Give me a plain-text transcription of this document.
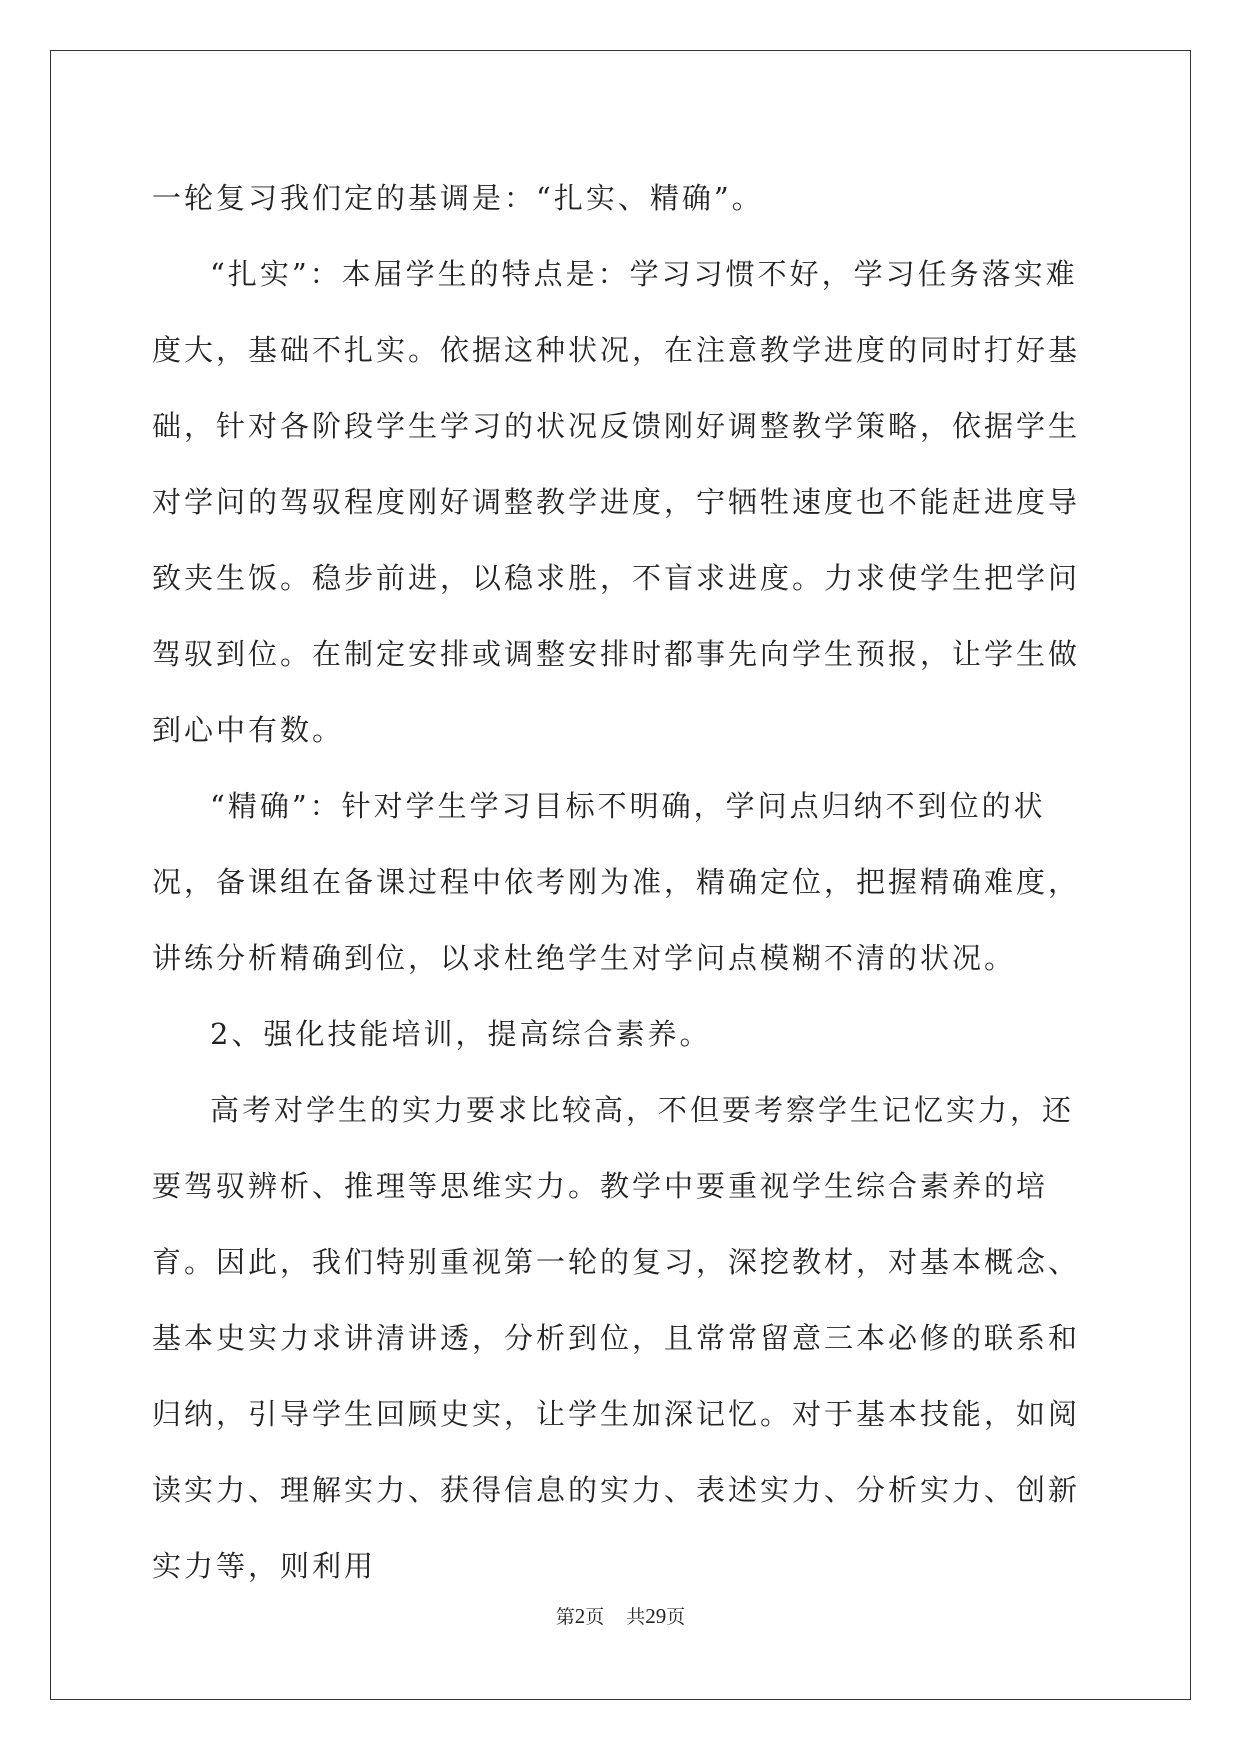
一轮复习我们定的基调是：“扎实、精确”。

“扎实”：本届学生的特点是：学习习惯不好，学习任务落实难度大，基础不扎实。依据这种状况，在注意教学进度的同时打好基础，针对各阶段学生学习的状况反馈刚好调整教学策略，依据学生对学问的驾驭程度刚好调整教学进度，宁牺牲速度也不能赶进度导致夹生饭。稳步前进，以稳求胜，不盲求进度。力求使学生把学问驾驭到位。在制定安排或调整安排时都事先向学生预报，让学生做到心中有数。

“精确”：针对学生学习目标不明确，学问点归纳不到位的状况，备课组在备课过程中依考刚为准，精确定位，把握精确难度，讲练分析精确到位，以求杜绝学生对学问点模糊不清的状况。

2、强化技能培训，提高综合素养。

高考对学生的实力要求比较高，不但要考察学生记忆实力，还要驾驭辨析、推理等思维实力。教学中要重视学生综合素养的培育。因此，我们特别重视第一轮的复习，深挖教材，对基本概念、基本史实力求讲清讲透，分析到位，且常常留意三本必修的联系和归纳，引导学生回顾史实，让学生加深记忆。对于基本技能，如阅读实力、理解实力、获得信息的实力、表述实力、分析实力、创新实力等，则利用

第2页 共29页
